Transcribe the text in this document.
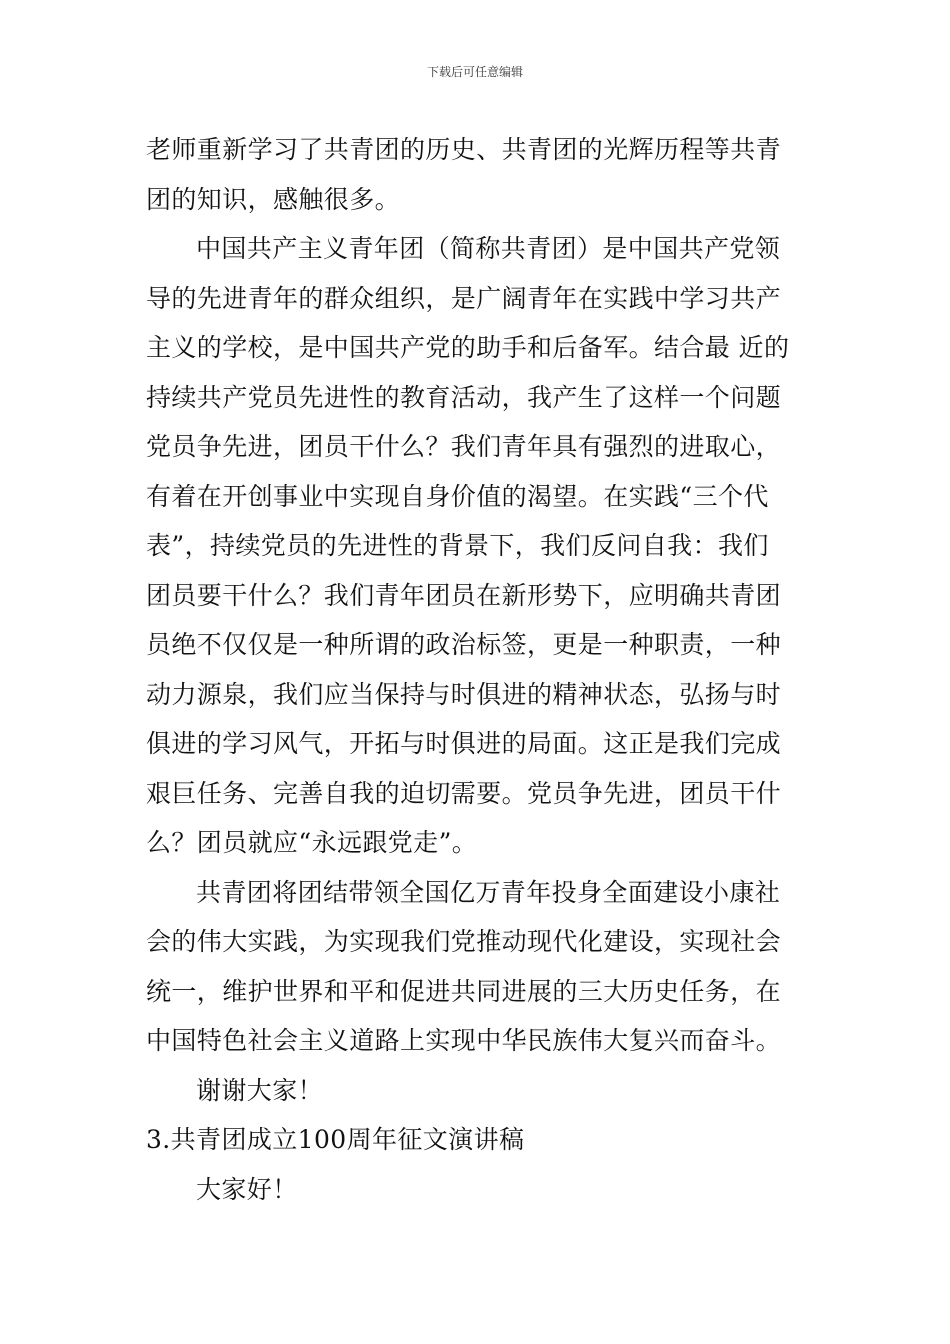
下载后可任意编辑
老师重新学习了共青团的历史、共青团的光辉历程等共青
团的知识，感触很多。
中国共产主义青年团（简称共青团）是中国共产党领
导的先进青年的群众组织，是广阔青年在实践中学习共产
主义的学校，是中国共产党的助手和后备军。结合最 近的
持续共产党员先进性的教育活动，我产生了这样一个问题
党员争先进，团员干什么？我们青年具有强烈的进取心，
有着在开创事业中实现自身价值的渴望。在实践“三个代
表”，持续党员的先进性的背景下，我们反问自我：我们
团员要干什么？我们青年团员在新形势下，应明确共青团
员绝不仅仅是一种所谓的政治标签，更是一种职责，一种
动力源泉，我们应当保持与时俱进的精神状态，弘扬与时
俱进的学习风气，开拓与时俱进的局面。这正是我们完成
艰巨任务、完善自我的迫切需要。党员争先进，团员干什
么？团员就应“永远跟党走”。
共青团将团结带领全国亿万青年投身全面建设小康社
会的伟大实践，为实现我们党推动现代化建设，实现社会
统一，维护世界和平和促进共同进展的三大历史任务，在
中国特色社会主义道路上实现中华民族伟大复兴而奋斗。
谢谢大家！
3.共青团成立100周年征文演讲稿
大家好！
